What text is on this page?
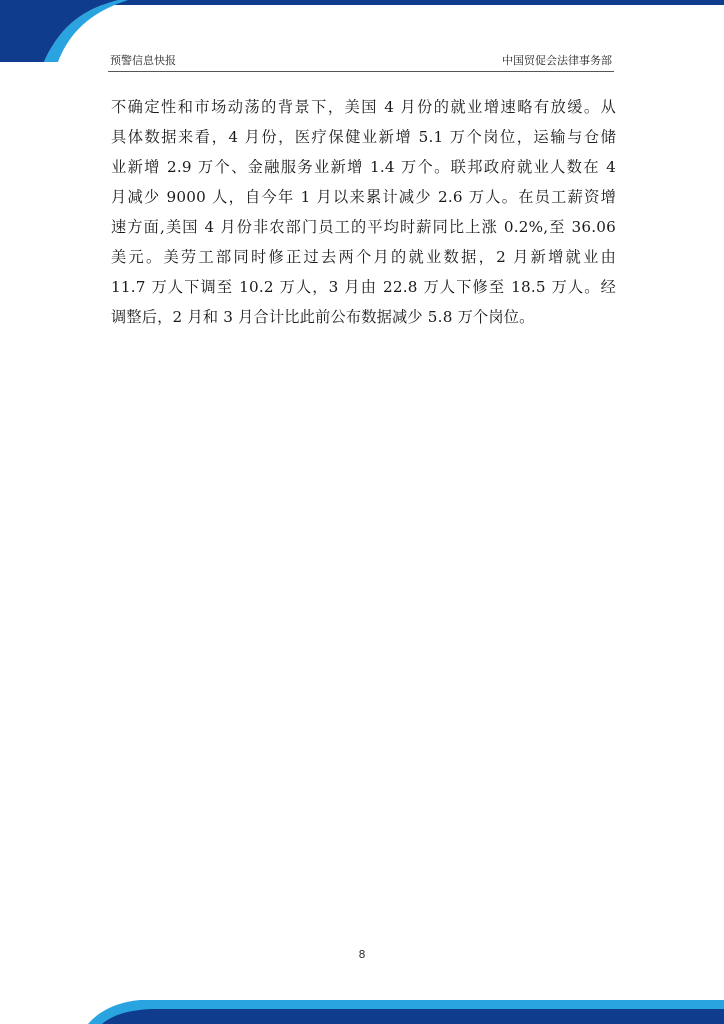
预警信息快报	中国贸促会法律事务部
不确定性和市场动荡的背景下，美国 4 月份的就业增速略有放缓。从
具体数据来看，4 月份，医疗保健业新增 5.1 万个岗位，运输与仓储
业新增 2.9 万个、金融服务业新增 1.4 万个。联邦政府就业人数在 4
月减少 9000 人，自今年 1 月以来累计减少 2.6 万人。在员工薪资增
速方面,美国 4 月份非农部门员工的平均时薪同比上涨 0.2%,至 36.06
美元。美劳工部同时修正过去两个月的就业数据，2 月新增就业由
11.7 万人下调至 10.2 万人，3 月由 22.8 万人下修至 18.5 万人。经
调整后，2 月和 3 月合计比此前公布数据减少 5.8 万个岗位。
8
